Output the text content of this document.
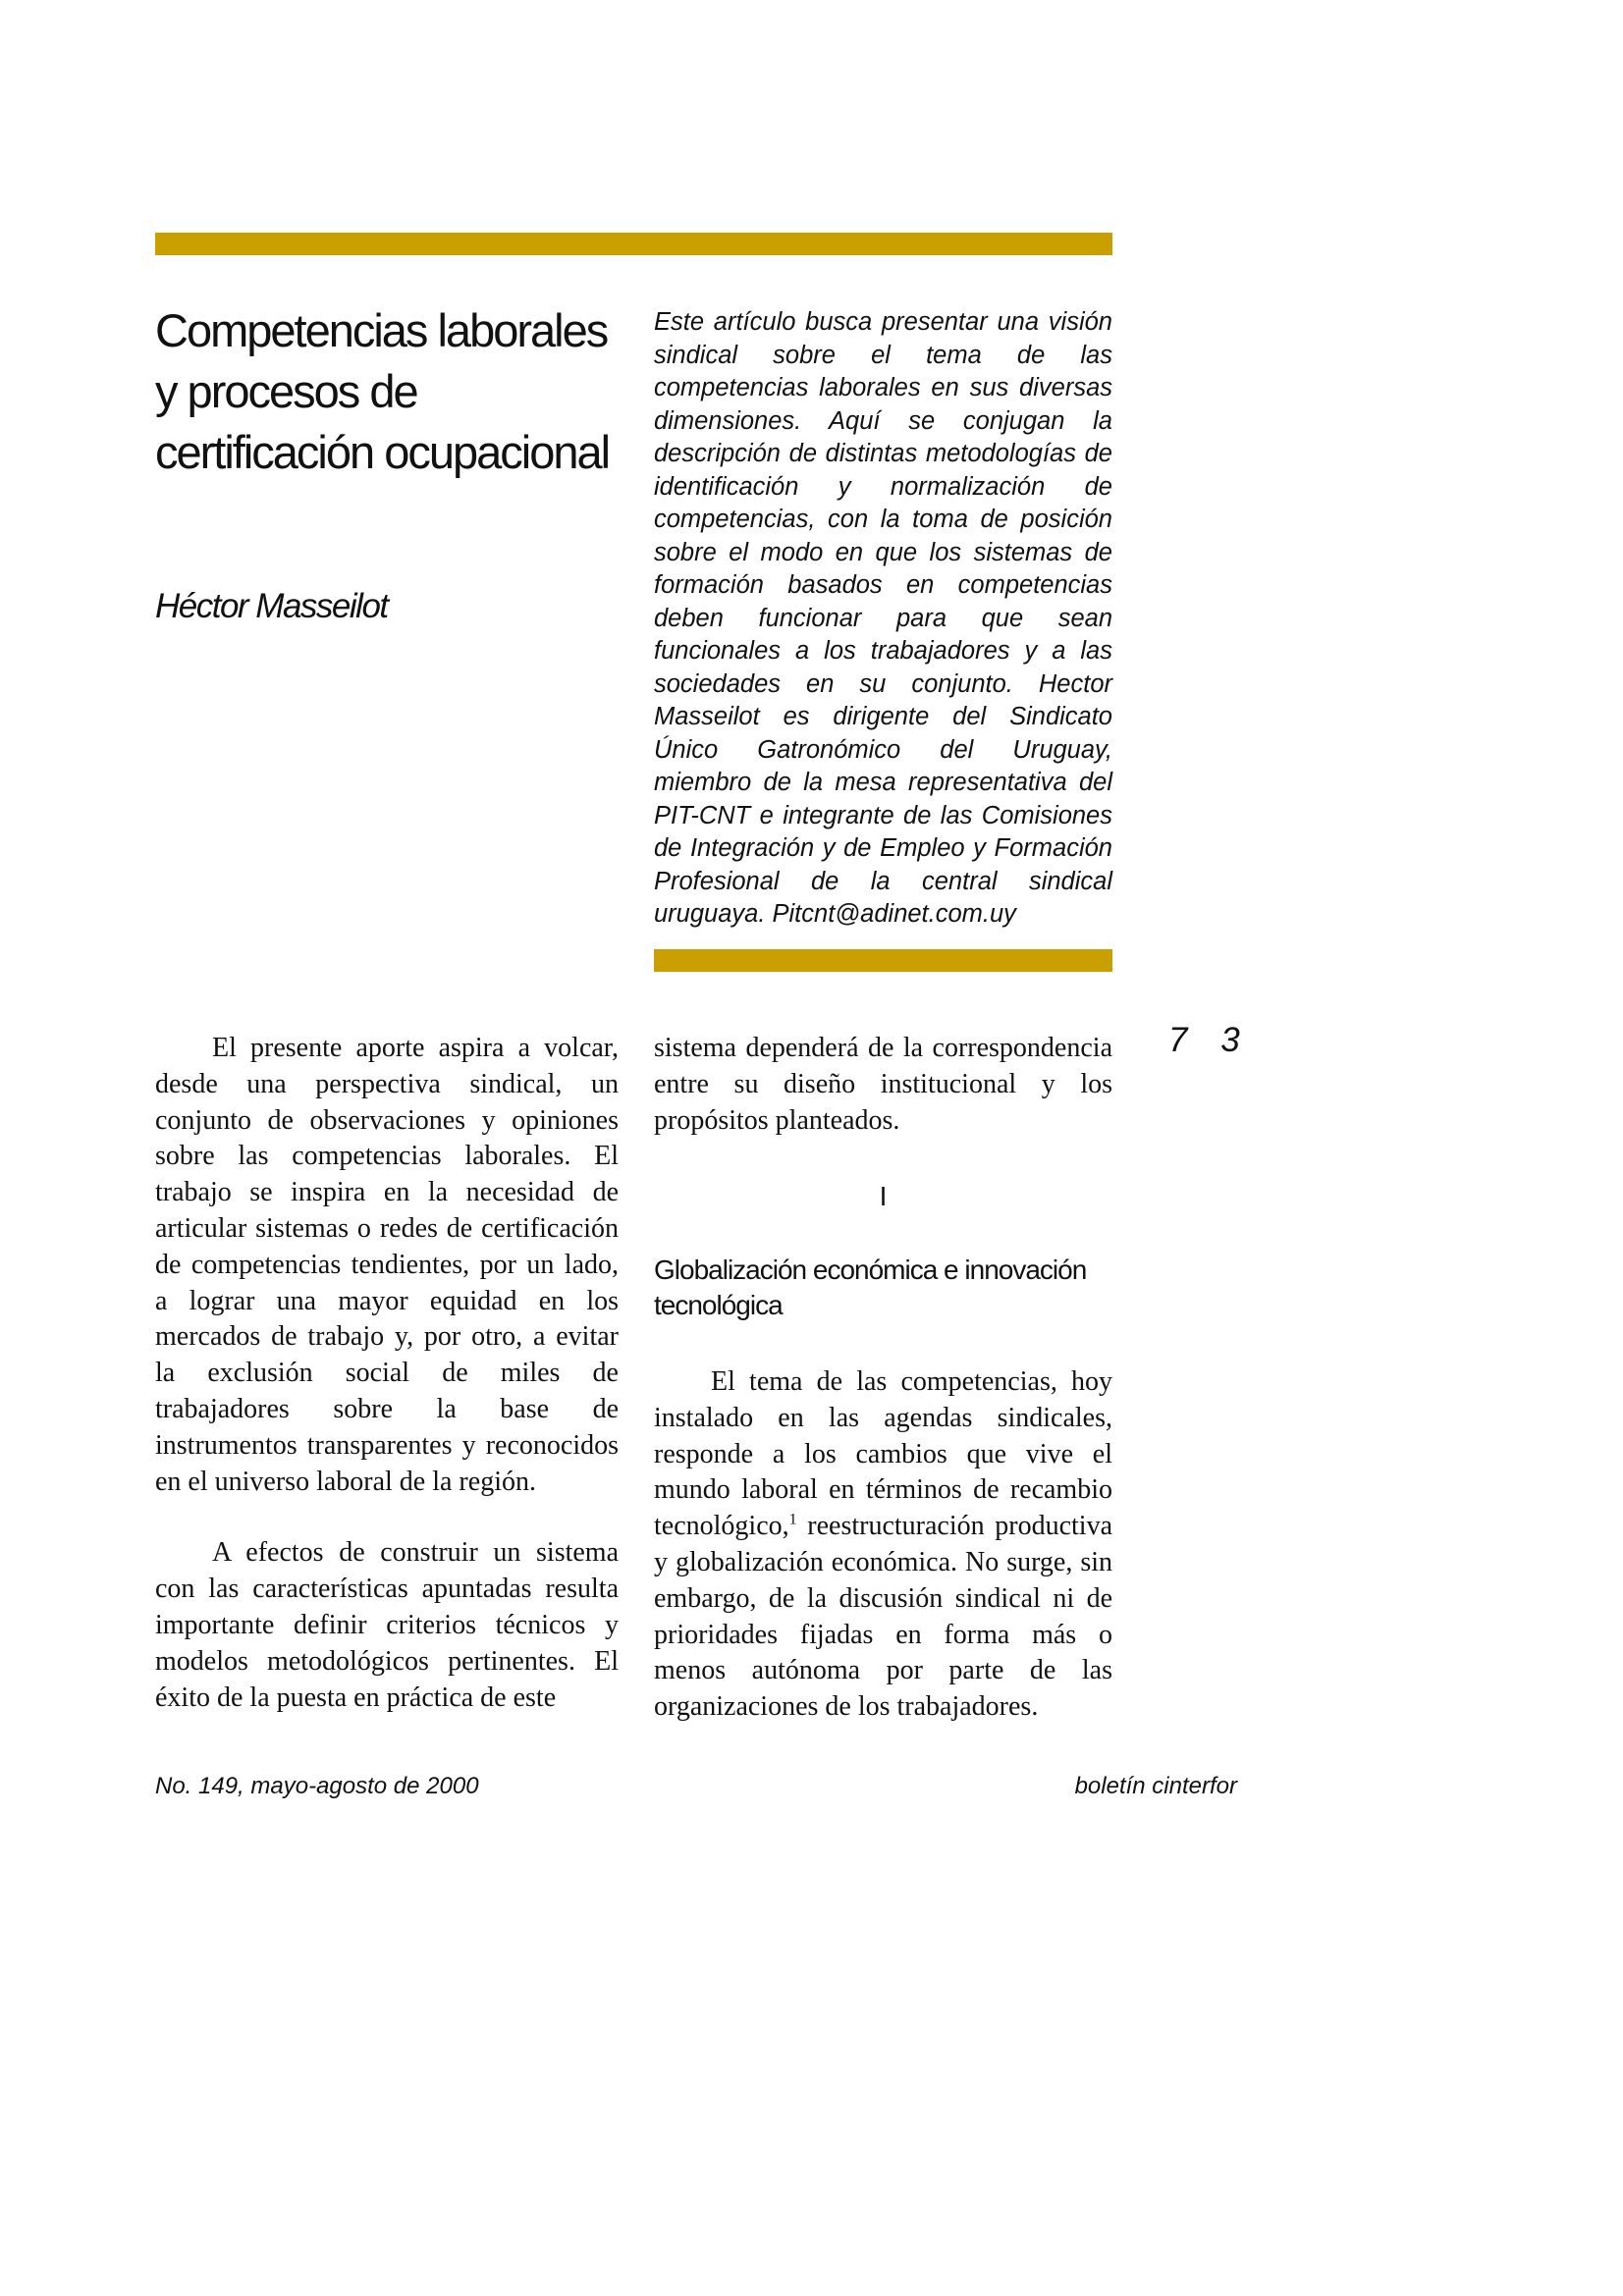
Competencias laborales y procesos de certificación ocupacional

Héctor Masseilot

Este artículo busca presentar una visión sindical sobre el tema de las competencias laborales en sus diversas dimensiones. Aquí se conjugan la descripción de distintas metodologías de identificación y normalización de competencias, con la toma de posición sobre el modo en que los sistemas de formación basados en competencias deben funcionar para que sean funcionales a los trabajadores y a las sociedades en su conjunto. Hector Masseilot es dirigente del Sindicato Único Gatronómico del Uruguay, miembro de la mesa representativa del PIT-CNT e integrante de las Comisiones de Integración y de Empleo y Formación Profesional de la central sindical uruguaya. Pitcnt@adinet.com.uy

7 3

El presente aporte aspira a volcar, desde una perspectiva sindical, un conjunto de observaciones y opiniones sobre las competencias laborales. El trabajo se inspira en la necesidad de articular sistemas o redes de certificación de competencias tendientes, por un lado, a lograr una mayor equidad en los mercados de trabajo y, por otro, a evitar la exclusión social de miles de trabajadores sobre la base de instrumentos transparentes y reconocidos en el universo laboral de la región.

A efectos de construir un sistema con las características apuntadas resulta importante definir criterios técnicos y modelos metodológicos pertinentes. El éxito de la puesta en práctica de este

sistema dependerá de la correspondencia entre su diseño institucional y los propósitos planteados.

I
Globalización económica e innovación tecnológica

El tema de las competencias, hoy instalado en las agendas sindicales, responde a los cambios que vive el mundo laboral en términos de recambio tecnológico,$^1$ reestructuración productiva y globalización económica. No surge, sin embargo, de la discusión sindical ni de prioridades fijadas en forma más o menos autónoma por parte de las organizaciones de los trabajadores.

No. 149, mayo-agosto de 2000	boletín cinterfor
